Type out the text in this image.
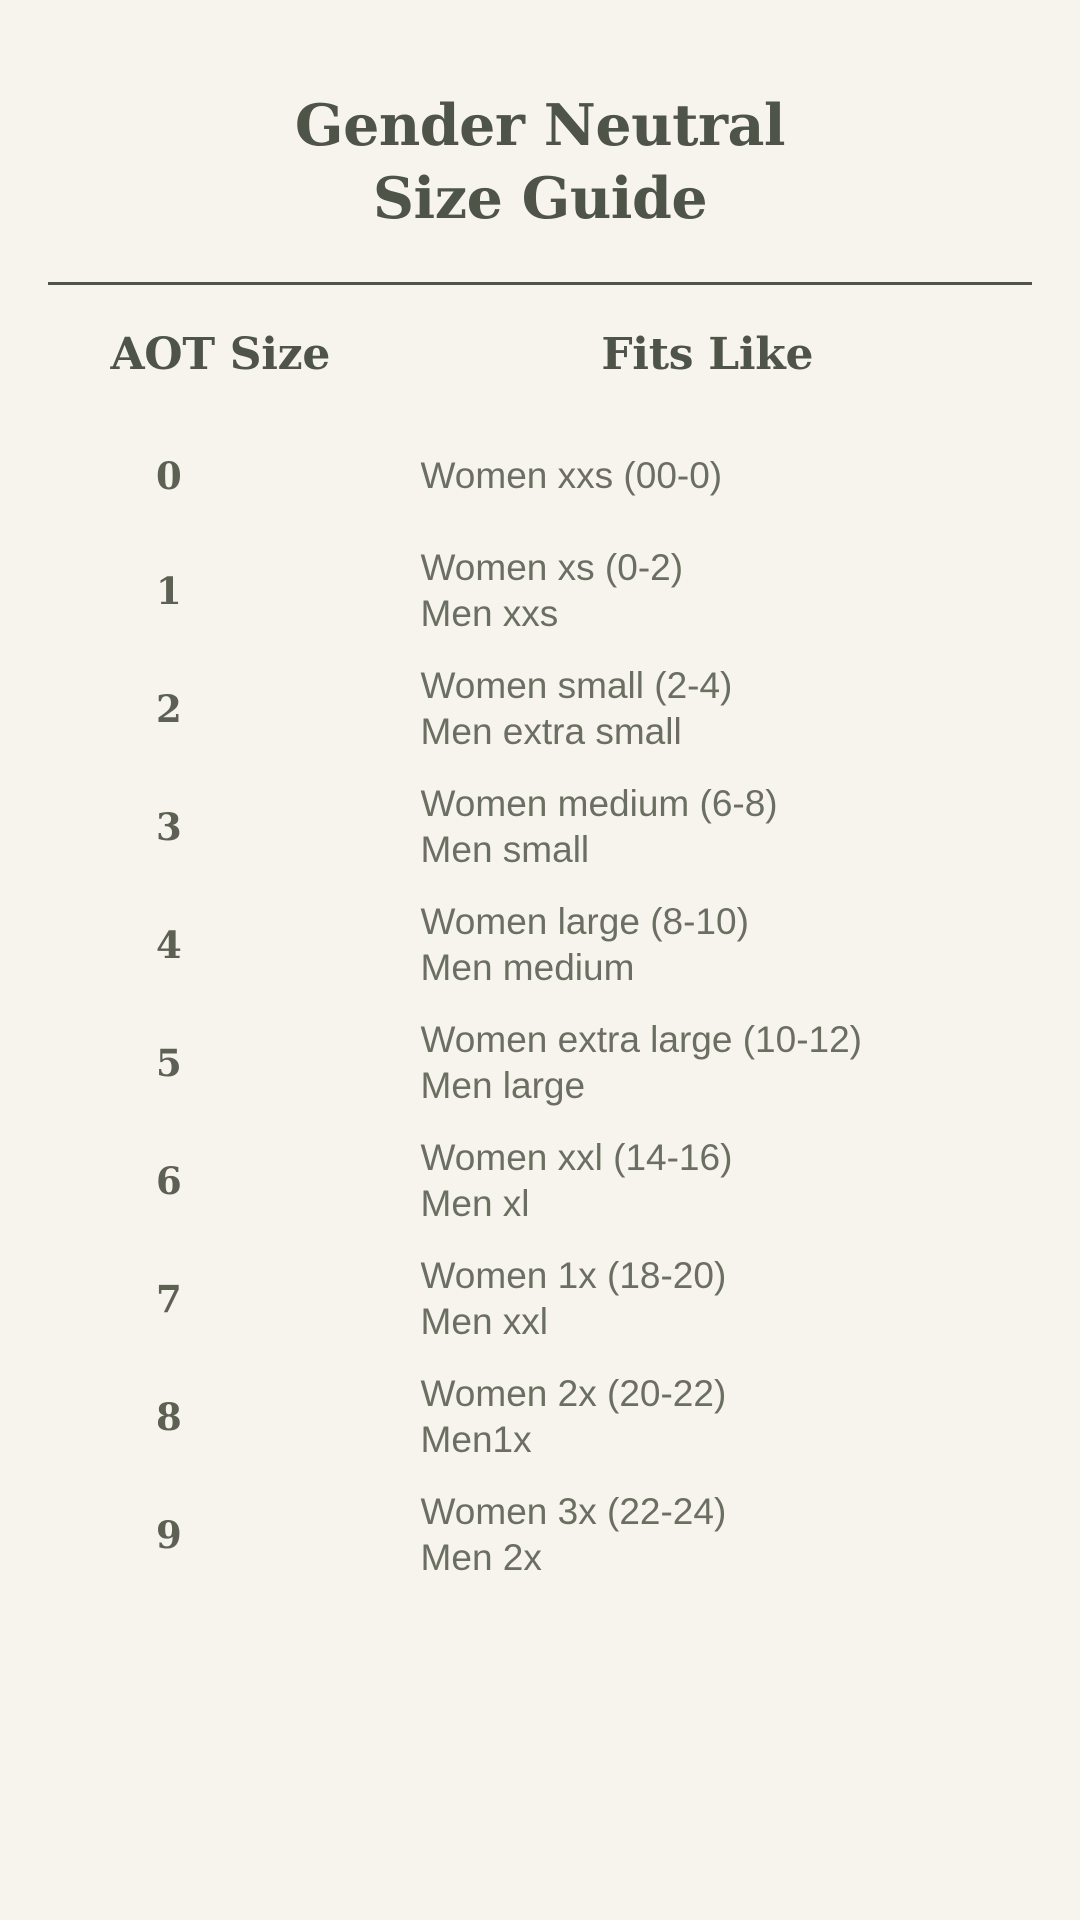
Gender Neutral
Size Guide
AOT Size	Fits Like
0	Women xxs (00-0)

1	Women xs (0-2)
Men xxs

2	Women small (2-4)
Men extra small

3	Women medium (6-8)
Men small

4	Women large (8-10)
Men medium

5	Women extra large (10-12)
Men large

6	Women xxl (14-16)
Men xl

7	Women 1x (18-20)
Men xxl

8	Women 2x (20-22)
Men1x

9	Women 3x (22-24)
Men 2x
